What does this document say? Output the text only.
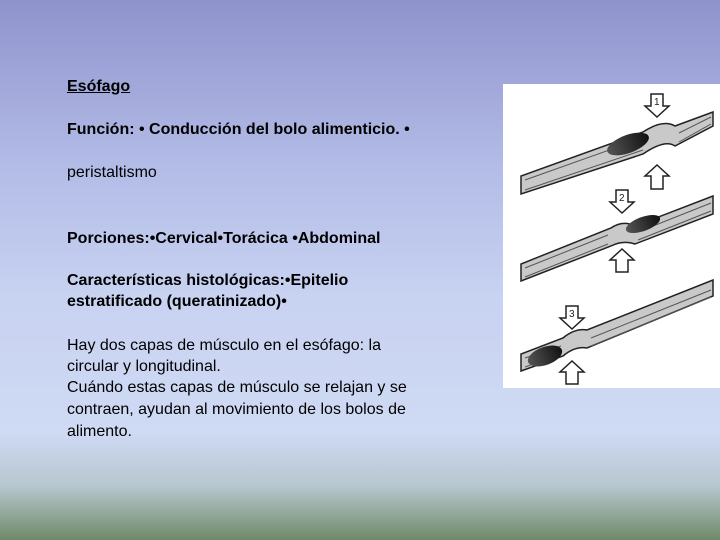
Esófago
Función: • Conducción del bolo alimenticio. •
peristaltismo
Porciones:•Cervical•Torácica •Abdominal
Características histológicas:•Epitelio
estratificado (queratinizado)•
Hay dos capas de músculo en el esófago: la
circular y longitudinal.
Cuándo estas capas de músculo se relajan y se
contraen, ayudan al movimiento de los bolos de
alimento.
1
2
3
